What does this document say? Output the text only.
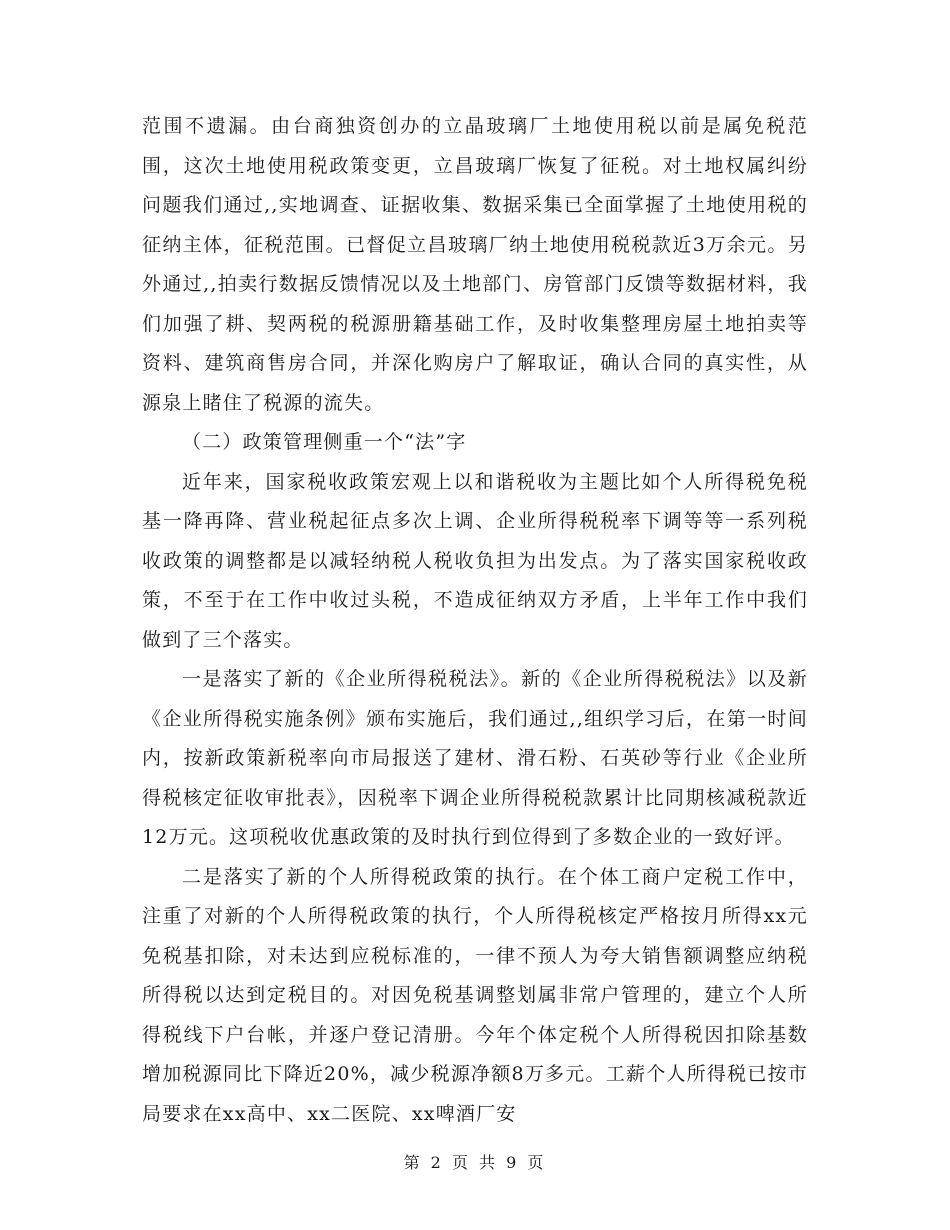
范围不遗漏。由台商独资创办的立晶玻璃厂土地使用税以前是属免税范围，这次土地使用税政策变更，立昌玻璃厂恢复了征税。对土地权属纠纷问题我们通过,,实地调查、证据收集、数据采集已全面掌握了土地使用税的征纳主体，征税范围。已督促立昌玻璃厂纳土地使用税税款近3万余元。另外通过,,拍卖行数据反馈情况以及土地部门、房管部门反馈等数据材料，我们加强了耕、契两税的税源册籍基础工作，及时收集整理房屋土地拍卖等资料、建筑商售房合同，并深化购房户了解取证，确认合同的真实性，从源泉上睹住了税源的流失。

（二）政策管理侧重一个“法”字

近年来，国家税收政策宏观上以和谐税收为主题比如个人所得税免税基一降再降、营业税起征点多次上调、企业所得税税率下调等等一系列税收政策的调整都是以减轻纳税人税收负担为出发点。为了落实国家税收政策，不至于在工作中收过头税，不造成征纳双方矛盾，上半年工作中我们做到了三个落实。

一是落实了新的《企业所得税税法》。新的《企业所得税税法》以及新《企业所得税实施条例》颁布实施后，我们通过,,组织学习后，在第一时间内，按新政策新税率向市局报送了建材、滑石粉、石英砂等行业《企业所得税核定征收审批表》，因税率下调企业所得税税款累计比同期核减税款近12万元。这项税收优惠政策的及时执行到位得到了多数企业的一致好评。

二是落实了新的个人所得税政策的执行。在个体工商户定税工作中，注重了对新的个人所得税政策的执行，个人所得税核定严格按月所得xx元免税基扣除，对未达到应税标准的，一律不预人为夸大销售额调整应纳税所得税以达到定税目的。对因免税基调整划属非常户管理的，建立个人所得税线下户台帐，并逐户登记清册。今年个体定税个人所得税因扣除基数增加税源同比下降近20%，减少税源净额8万多元。工薪个人所得税已按市局要求在xx高中、xx二医院、xx啤酒厂安

第 2 页 共 9 页
